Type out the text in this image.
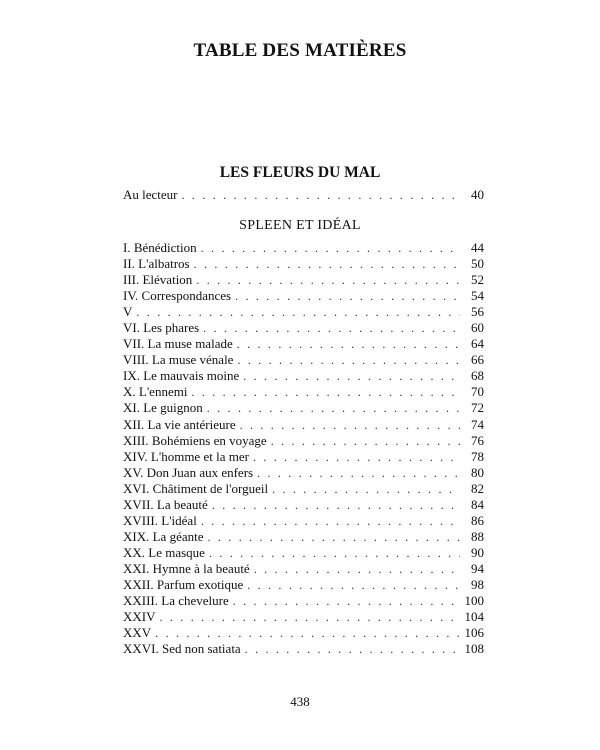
TABLE DES MATIÈRES
LES FLEURS DU MAL
Au lecteur . . .	40
SPLEEN ET IDÉAL
I. Bénédiction . . .	44
II. L'albatros . . .	50
III. Elévation . . .	52
IV. Correspondances . . .	54
V . . .	56
VI. Les phares . . .	60
VII. La muse malade . . .	64
VIII. La muse vénale . . .	66
IX. Le mauvais moine . . .	68
X. L'ennemi . . .	70
XI. Le guignon . . .	72
XII. La vie antérieure . . .	74
XIII. Bohémiens en voyage . . .	76
XIV. L'homme et la mer . . .	78
XV. Don Juan aux enfers . . .	80
XVI. Châtiment de l'orgueil . . .	82
XVII. La beauté . . .	84
XVIII. L'idéal . . .	86
XIX. La géante . . .	88
XX. Le masque . . .	90
XXI. Hymne à la beauté . . .	94
XXII. Parfum exotique . . .	98
XXIII. La chevelure . . .	100
XXIV . . .	104
XXV . . .	106
XXVI. Sed non satiata . . .	108
438
